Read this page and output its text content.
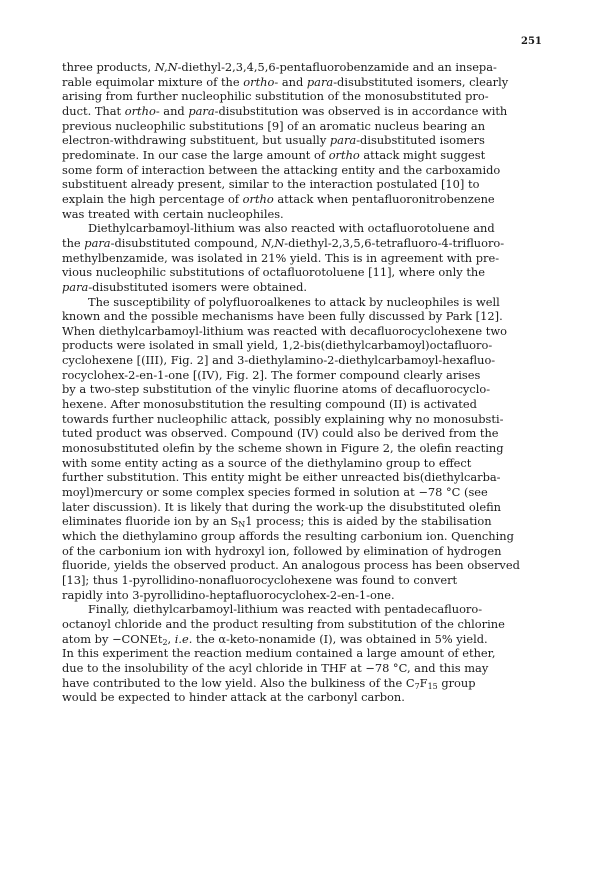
251
three products, N,N-diethyl-2,3,4,5,6-pentafluorobenzamide and an insepa-
rable equimolar mixture of the ortho- and para-disubstituted isomers, clearly
arising from further nucleophilic substitution of the monosubstituted pro-
duct. That ortho- and para-disubstitution was observed is in accordance with
previous nucleophilic substitutions [9] of an aromatic nucleus bearing an
electron-withdrawing substituent, but usually para-disubstituted isomers
predominate. In our case the large amount of ortho attack might suggest
some form of interaction between the attacking entity and the carboxamido
substituent already present, similar to the interaction postulated [10] to
explain the high percentage of ortho attack when pentafluoronitrobenzene
was treated with certain nucleophiles.
Diethylcarbamoyl-lithium was also reacted with octafluorotoluene and
the para-disubstituted compound, N,N-diethyl-2,3,5,6-tetrafluoro-4-trifluoro-
methylbenzamide, was isolated in 21% yield. This is in agreement with pre-
vious nucleophilic substitutions of octafluorotoluene [11], where only the
para-disubstituted isomers were obtained.
The susceptibility of polyfluoroalkenes to attack by nucleophiles is well
known and the possible mechanisms have been fully discussed by Park [12].
When diethylcarbamoyl-lithium was reacted with decafluorocyclohexene two
products were isolated in small yield, 1,2-bis(diethylcarbamoyl)octafluoro-
cyclohexene [(III), Fig. 2] and 3-diethylamino-2-diethylcarbamoyl-hexafluo-
rocyclohex-2-en-1-one [(IV), Fig. 2]. The former compound clearly arises
by a two-step substitution of the vinylic fluorine atoms of decafluorocyclo-
hexene. After monosubstitution the resulting compound (II) is activated
towards further nucleophilic attack, possibly explaining why no monosubsti-
tuted product was observed. Compound (IV) could also be derived from the
monosubstituted olefin by the scheme shown in Figure 2, the olefin reacting
with some entity acting as a source of the diethylamino group to effect
further substitution. This entity might be either unreacted bis(diethylcarba-
moyl)mercury or some complex species formed in solution at −78 °C (see
later discussion). It is likely that during the work-up the disubstituted olefin
eliminates fluoride ion by an $S_N1$ process; this is aided by the stabilisation
which the diethylamino group affords the resulting carbonium ion. Quenching
of the carbonium ion with hydroxyl ion, followed by elimination of hydrogen
fluoride, yields the observed product. An analogous process has been observed
[13]; thus 1-pyrollidino-nonafluorocyclohexene was found to convert
rapidly into 3-pyrollidino-heptafluorocyclohex-2-en-1-one.
Finally, diethylcarbamoyl-lithium was reacted with pentadecafluoro-
octanoyl chloride and the product resulting from substitution of the chlorine
atom by −CONEt$_2$, i.e. the α-keto-nonamide (I), was obtained in 5% yield.
In this experiment the reaction medium contained a large amount of ether,
due to the insolubility of the acyl chloride in THF at −78 °C, and this may
have contributed to the low yield. Also the bulkiness of the $C_7F_{15}$ group
would be expected to hinder attack at the carbonyl carbon.
